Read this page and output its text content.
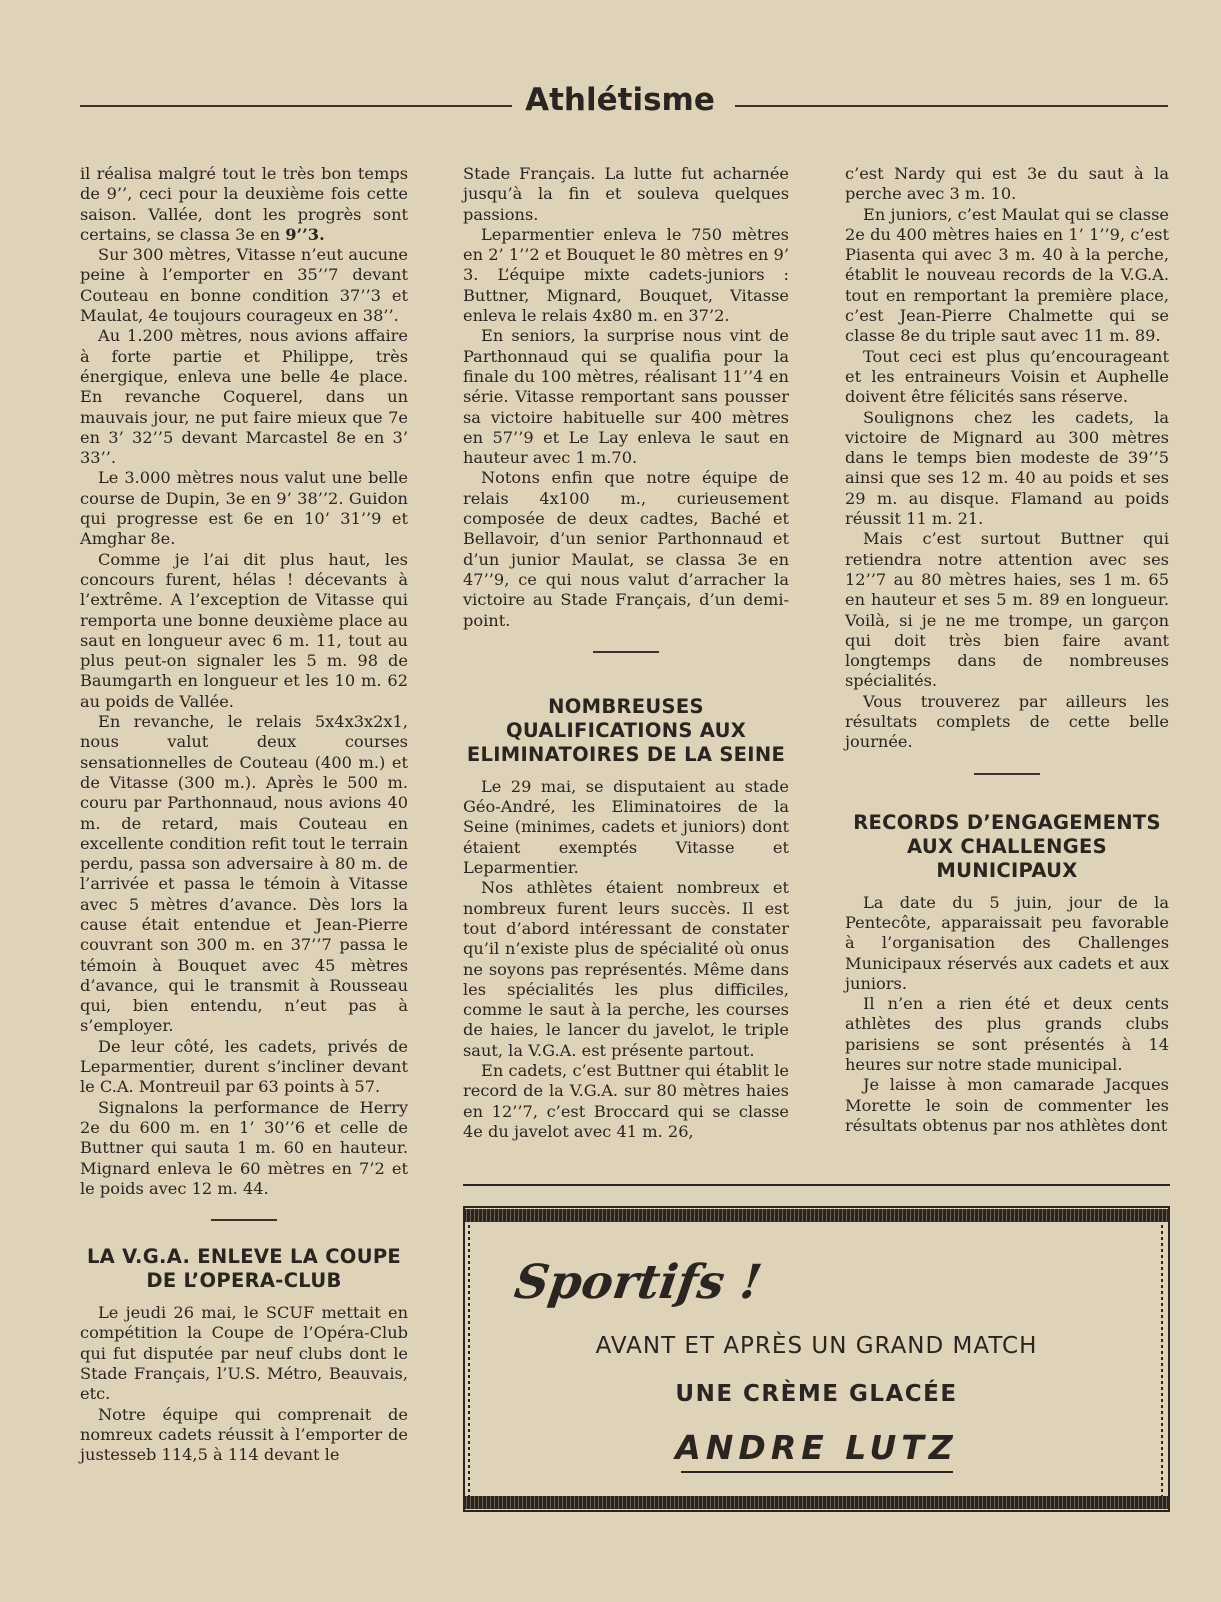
Athlétisme

il réalisa malgré tout le très bon temps de 9’’, ceci pour la deuxième fois cette saison. Vallée, dont les progrès sont certains, se classa 3e en 9’’3.

Sur 300 mètres, Vitasse n’eut aucune peine à l’emporter en 35’’7 devant Couteau en bonne condition 37’’3 et Maulat, 4e toujours courageux en 38’’.

Au 1.200 mètres, nous avions affaire à forte partie et Philippe, très énergique, enleva une belle 4e place. En revanche Coquerel, dans un mauvais jour, ne put faire mieux que 7e en 3’ 32’’5 devant Marcastel 8e en 3’ 33’’.

Le 3.000 mètres nous valut une belle course de Dupin, 3e en 9’ 38’’2. Guidon qui progresse est 6e en 10’ 31’’9 et Amghar 8e.

Comme je l’ai dit plus haut, les concours furent, hélas ! décevants à l’extrême. A l’exception de Vitasse qui remporta une bonne deuxième place au saut en longueur avec 6 m. 11, tout au plus peut-on signaler les 5 m. 98 de Baumgarth en longueur et les 10 m. 62 au poids de Vallée.

En revanche, le relais 5x4x3x2x1, nous valut deux courses sensationnelles de Couteau (400 m.) et de Vitasse (300 m.). Après le 500 m. couru par Parthonnaud, nous avions 40 m. de retard, mais Couteau en excellente condition refit tout le terrain perdu, passa son adversaire à 80 m. de l’arrivée et passa le témoin à Vitasse avec 5 mètres d’avance. Dès lors la cause était entendue et Jean-Pierre couvrant son 300 m. en 37’’7 passa le témoin à Bouquet avec 45 mètres d’avance, qui le transmit à Rousseau qui, bien entendu, n’eut pas à s’employer.

De leur côté, les cadets, privés de Leparmentier, durent s’incliner devant le C.A. Montreuil par 63 points à 57.

Signalons la performance de Herry 2e du 600 m. en 1’ 30’’6 et celle de Buttner qui sauta 1 m. 60 en hauteur. Mignard enleva le 60 mètres en 7’2 et le poids avec 12 m. 44.

LA V.G.A. ENLEVE LA COUPE DE L’OPERA-CLUB

Le jeudi 26 mai, le SCUF mettait en compétition la Coupe de l’Opéra-Club qui fut disputée par neuf clubs dont le Stade Français, l’U.S. Métro, Beauvais, etc.

Notre équipe qui comprenait de nomreux cadets réussit à l’emporter de justesseb 114,5 à 114 devant le

Stade Français. La lutte fut acharnée jusqu’à la fin et souleva quelques passions.

Leparmentier enleva le 750 mètres en 2’ 1’’2 et Bouquet le 80 mètres en 9’ 3. L’équipe mixte cadets-juniors : Buttner, Mignard, Bouquet, Vitasse enleva le relais 4x80 m. en 37’2.

En seniors, la surprise nous vint de Parthonnaud qui se qualifia pour la finale du 100 mètres, réalisant 11’’4 en série. Vitasse remportant sans pousser sa victoire habituelle sur 400 mètres en 57’’9 et Le Lay enleva le saut en hauteur avec 1 m.70.

Notons enfin que notre équipe de relais 4x100 m., curieusement composée de deux cadtes, Baché et Bellavoir, d’un senior Parthonnaud et d’un junior Maulat, se classa 3e en 47’’9, ce qui nous valut d’arracher la victoire au Stade Français, d’un demi-point.

NOMBREUSES QUALIFICATIONS AUX ELIMINATOIRES DE LA SEINE

Le 29 mai, se disputaient au stade Géo-André, les Eliminatoires de la Seine (minimes, cadets et juniors) dont étaient exemptés Vitasse et Leparmentier.

Nos athlètes étaient nombreux et nombreux furent leurs succès. Il est tout d’abord intéressant de constater qu’il n’existe plus de spécialité où onus ne soyons pas représentés. Même dans les spécialités les plus difficiles, comme le saut à la perche, les courses de haies, le lancer du javelot, le triple saut, la V.G.A. est présente partout.

En cadets, c’est Buttner qui établit le record de la V.G.A. sur 80 mètres haies en 12’’7, c’est Broccard qui se classe 4e du javelot avec 41 m. 26,

c’est Nardy qui est 3e du saut à la perche avec 3 m. 10.

En juniors, c’est Maulat qui se classe 2e du 400 mètres haies en 1’ 1’’9, c’est Piasenta qui avec 3 m. 40 à la perche, établit le nouveau records de la V.G.A. tout en remportant la première place, c’est Jean-Pierre Chalmette qui se classe 8e du triple saut avec 11 m. 89.

Tout ceci est plus qu’encourageant et les entraineurs Voisin et Auphelle doivent être félicités sans réserve.

Soulignons chez les cadets, la victoire de Mignard au 300 mètres dans le temps bien modeste de 39’’5 ainsi que ses 12 m. 40 au poids et ses 29 m. au disque. Flamand au poids réussit 11 m. 21.

Mais c’est surtout Buttner qui retiendra notre attention avec ses 12’’7 au 80 mètres haies, ses 1 m. 65 en hauteur et ses 5 m. 89 en longueur. Voilà, si je ne me trompe, un garçon qui doit très bien faire avant longtemps dans de nombreuses spécialités.

Vous trouverez par ailleurs les résultats complets de cette belle journée.

RECORDS D’ENGAGEMENTS AUX CHALLENGES MUNICIPAUX

La date du 5 juin, jour de la Pentecôte, apparaissait peu favorable à l’organisation des Challenges Municipaux réservés aux cadets et aux juniors.

Il n’en a rien été et deux cents athlètes des plus grands clubs parisiens se sont présentés à 14 heures sur notre stade municipal.

Je laisse à mon camarade Jacques Morette le soin de commenter les résultats obtenus par nos athlètes dont

Sportifs !
AVANT ET APRÈS UN GRAND MATCH
UNE CRÈME GLACÉE
ANDRE LUTZ
